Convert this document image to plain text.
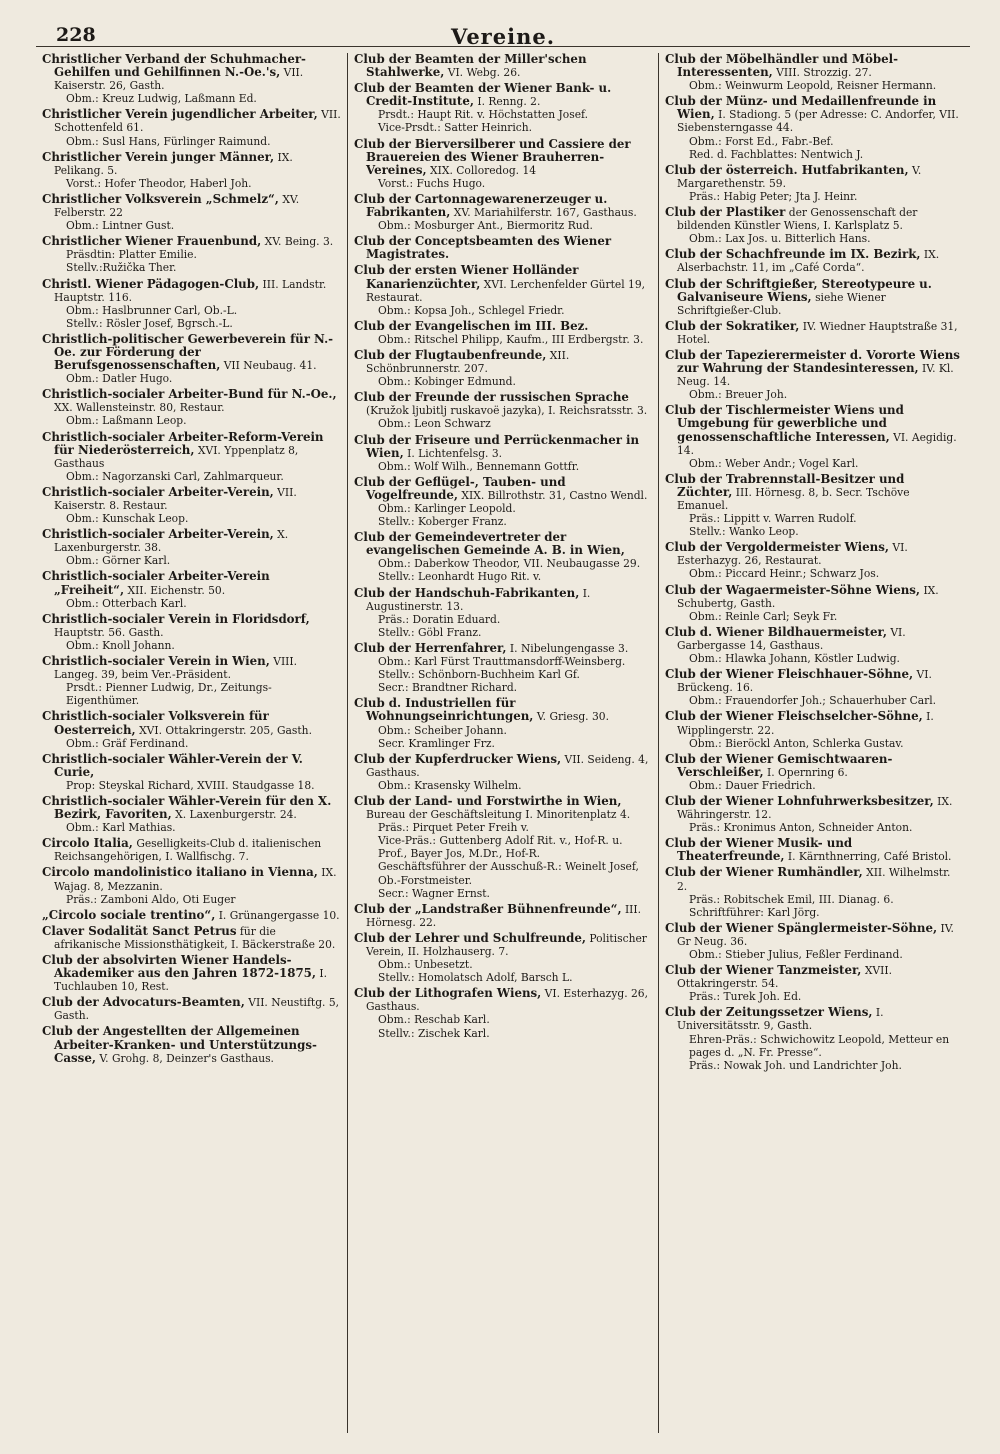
228	Vereine.
Christlicher Verband der Schuhmacher-Gehilfen und Gehilfinnen N.-Oe.'s, VII. Kaiserstr. 26, Gasth.
Obm.: Kreuz Ludwig, Laßmann Ed.
Christlicher Verein jugendlicher Arbeiter, VII. Schottenfeld 61.
Obm.: Susl Hans, Fürlinger Raimund.
Christlicher Verein junger Männer, IX. Pelikang. 5.
Vorst.: Hofer Theodor, Haberl Joh.
Christlicher Volksverein „Schmelz“, XV. Felberstr. 22
Obm.: Lintner Gust.
Christlicher Wiener Frauenbund, XV. Being. 3.
Präsdtin: Platter Emilie.
Stellv.:Ružička Ther.
Christl. Wiener Pädagogen-Club, III. Landstr. Hauptstr. 116.
Obm.: Haslbrunner Carl, Ob.-L.
Stellv.: Rösler Josef, Bgrsch.-L.
Christlich-politischer Gewerbeverein für N.-Oe. zur Förderung der Berufsgenossenschaften, VII Neubaug. 41.
Obm.: Datler Hugo.
Christlich-socialer Arbeiter-Bund für N.-Oe., XX. Wallensteinstr. 80, Restaur.
Obm.: Laßmann Leop.
Christlich-socialer Arbeiter-Reform-Verein für Niederösterreich, XVI. Yppenplatz 8, Gasthaus
Obm.: Nagorzanski Carl, Zahlmarqueur.
Christlich-socialer Arbeiter-Verein, VII. Kaiserstr. 8. Restaur.
Obm.: Kunschak Leop.
Christlich-socialer Arbeiter-Verein, X. Laxenburgerstr. 38.
Obm.: Görner Karl.
Christlich-socialer Arbeiter-Verein „Freiheit“, XII. Eichenstr. 50.
Obm.: Otterbach Karl.
Christlich-socialer Verein in Floridsdorf, Hauptstr. 56. Gasth.
Obm.: Knoll Johann.
Christlich-socialer Verein in Wien, VIII. Langeg. 39, beim Ver.-Präsident.
Prsdt.: Pienner Ludwig, Dr., Zeitungs-Eigenthümer.
Christlich-socialer Volksverein für Oesterreich, XVI. Ottakringerstr. 205, Gasth.
Obm.: Gräf Ferdinand.
Christlich-socialer Wähler-Verein der V. Curie,
Prop: Steyskal Richard, XVIII. Staudgasse 18.
Christlich-socialer Wähler-Verein für den X. Bezirk, Favoriten, X. Laxenburgerstr. 24.
Obm.: Karl Mathias.
Circolo Italia, Geselligkeits-Club d. italienischen Reichsangehörigen, I. Wallfischg. 7.
Circolo mandolinistico italiano in Vienna, IX. Wajag. 8, Mezzanin.
Präs.: Zamboni Aldo, Oti Euger
„Circolo sociale trentino“, I. Grünangergasse 10.
Claver Sodalität Sanct Petrus für die afrikanische Missionsthätigkeit, I. Bäckerstraße 20.
Club der absolvirten Wiener Handels-Akademiker aus den Jahren 1872-1875, I. Tuchlauben 10, Rest.
Club der Advocaturs-Beamten, VII. Neustiftg. 5, Gasth.
Club der Angestellten der Allgemeinen Arbeiter-Kranken- und Unterstützungs-Casse, V. Grohg. 8, Deinzer's Gasthaus.
Club der Beamten der Miller'schen Stahlwerke, VI. Webg. 26.
Club der Beamten der Wiener Bank- u. Credit-Institute, I. Renng. 2.
Prsdt.: Haupt Rit. v. Höchstatten Josef.
Vice-Prsdt.: Satter Heinrich.
Club der Bierversilberer und Cassiere der Brauereien des Wiener Brauherren-Vereines, XIX. Colloredog. 14
Vorst.: Fuchs Hugo.
Club der Cartonnagewarenerzeuger u. Fabrikanten, XV. Mariahilferstr. 167, Gasthaus.
Obm.: Mosburger Ant., Biermoritz Rud.
Club der Conceptsbeamten des Wiener Magistrates.
Club der ersten Wiener Holländer Kanarienzüchter, XVI. Lerchenfelder Gürtel 19, Restaurat.
Obm.: Kopsa Joh., Schlegel Friedr.
Club der Evangelischen im III. Bez.
Obm.: Ritschel Philipp, Kaufm., III Erdbergstr. 3.
Club der Flugtaubenfreunde, XII. Schönbrunnerstr. 207.
Obm.: Kobinger Edmund.
Club der Freunde der russischen Sprache (Kružok ljubitlj ruskavoë jazyka), I. Reichsratsstr. 3.
Obm.: Leon Schwarz
Club der Friseure und Perrückenmacher in Wien, I. Lichtenfelsg. 3.
Obm.: Wolf Wilh., Bennemann Gottfr.
Club der Geflügel-, Tauben- und Vogelfreunde, XIX. Billrothstr. 31, Castno Wendl.
Obm.: Karlinger Leopold.
Stellv.: Koberger Franz.
Club der Gemeindevertreter der evangelischen Gemeinde A. B. in Wien,
Obm.: Daberkow Theodor, VII. Neubaugasse 29.
Stellv.: Leonhardt Hugo Rit. v.
Club der Handschuh-Fabrikanten, I. Augustinerstr. 13.
Präs.: Doratin Eduard.
Stellv.: Göbl Franz.
Club der Herrenfahrer, I. Nibelungengasse 3.
Obm.: Karl Fürst Trauttmansdorff-Weinsberg.
Stellv.: Schönborn-Buchheim Karl Gf.
Secr.: Brandtner Richard.
Club d. Industriellen für Wohnungseinrichtungen, V. Griesg. 30.
Obm.: Scheiber Johann.
Secr. Kramlinger Frz.
Club der Kupferdrucker Wiens, VII. Seideng. 4, Gasthaus.
Obm.: Krasensky Wilhelm.
Club der Land- und Forstwirthe in Wien, Bureau der Geschäftsleitung I. Minoritenplatz 4.
Präs.: Pirquet Peter Freih v.
Vice-Präs.: Guttenberg Adolf Rit. v., Hof-R. u. Prof., Bayer Jos, M.Dr., Hof-R.
Geschäftsführer der Ausschuß-R.: Weinelt Josef, Ob.-Forstmeister.
Secr.: Wagner Ernst.
Club der „Landstraßer Bühnenfreunde“, III. Hörnesg. 22.
Club der Lehrer und Schulfreunde, Politischer Verein, II. Holzhauserg. 7.
Obm.: Unbesetzt.
Stellv.: Homolatsch Adolf, Barsch L.
Club der Lithografen Wiens, VI. Esterhazyg. 26, Gasthaus.
Obm.: Reschab Karl.
Stellv.: Zischek Karl.
Club der Möbelhändler und Möbel-Interessenten, VIII. Strozzig. 27.
Obm.: Weinwurm Leopold, Reisner Hermann.
Club der Münz- und Medaillenfreunde in Wien, I. Stadiong. 5 (per Adresse: C. Andorfer, VII. Siebensterngasse 44.
Obm.: Forst Ed., Fabr.-Bef.
Red. d. Fachblattes: Nentwich J.
Club der österreich. Hutfabrikanten, V. Margarethenstr. 59.
Präs.: Habig Peter; Jta J. Heinr.
Club der Plastiker der Genossenschaft der bildenden Künstler Wiens, I. Karlsplatz 5.
Obm.: Lax Jos. u. Bitterlich Hans.
Club der Schachfreunde im IX. Bezirk, IX. Alserbachstr. 11, im „Café Corda“.
Club der Schriftgießer, Stereotypeure u. Galvaniseure Wiens, siehe Wiener Schriftgießer-Club.
Club der Sokratiker, IV. Wiedner Hauptstraße 31, Hotel.
Club der Tapezierermeister d. Vororte Wiens zur Wahrung der Standesinteressen, IV. Kl. Neug. 14.
Obm.: Breuer Joh.
Club der Tischlermeister Wiens und Umgebung für gewerbliche und genossenschaftliche Interessen, VI. Aegidig. 14.
Obm.: Weber Andr.; Vogel Karl.
Club der Trabrennstall-Besitzer und Züchter, III. Hörnesg. 8, b. Secr. Tschöve Emanuel.
Präs.: Lippitt v. Warren Rudolf.
Stellv.: Wanko Leop.
Club der Vergoldermeister Wiens, VI. Esterhazyg. 26, Restaurat.
Obm.: Piccard Heinr.; Schwarz Jos.
Club der Wagaermeister-Söhne Wiens, IX. Schubertg, Gasth.
Obm.: Reinle Carl; Seyk Fr.
Club d. Wiener Bildhauermeister, VI. Garbergasse 14, Gasthaus.
Obm.: Hlawka Johann, Köstler Ludwig.
Club der Wiener Fleischhauer-Söhne, VI. Brückeng. 16.
Obm.: Frauendorfer Joh.; Schauerhuber Carl.
Club der Wiener Fleischselcher-Söhne, I. Wipplingerstr. 22.
Obm.: Bieröckl Anton, Schlerka Gustav.
Club der Wiener Gemischtwaaren-Verschleißer, I. Opernring 6.
Obm.: Dauer Friedrich.
Club der Wiener Lohnfuhrwerksbesitzer, IX. Währingerstr. 12.
Präs.: Kronimus Anton, Schneider Anton.
Club der Wiener Musik- und Theaterfreunde, I. Kärnthnerring, Café Bristol.
Club der Wiener Rumhändler, XII. Wilhelmstr. 2.
Präs.: Robitschek Emil, III. Dianag. 6.
Schriftführer: Karl Jörg.
Club der Wiener Spänglermeister-Söhne, IV. Gr Neug. 36.
Obm.: Stieber Julius, Feßler Ferdinand.
Club der Wiener Tanzmeister, XVII. Ottakringerstr. 54.
Präs.: Turek Joh. Ed.
Club der Zeitungssetzer Wiens, I. Universitätsstr. 9, Gasth.
Ehren-Präs.: Schwichowitz Leopold, Metteur en pages d. „N. Fr. Presse“.
Präs.: Nowak Joh. und Landrichter Joh.
